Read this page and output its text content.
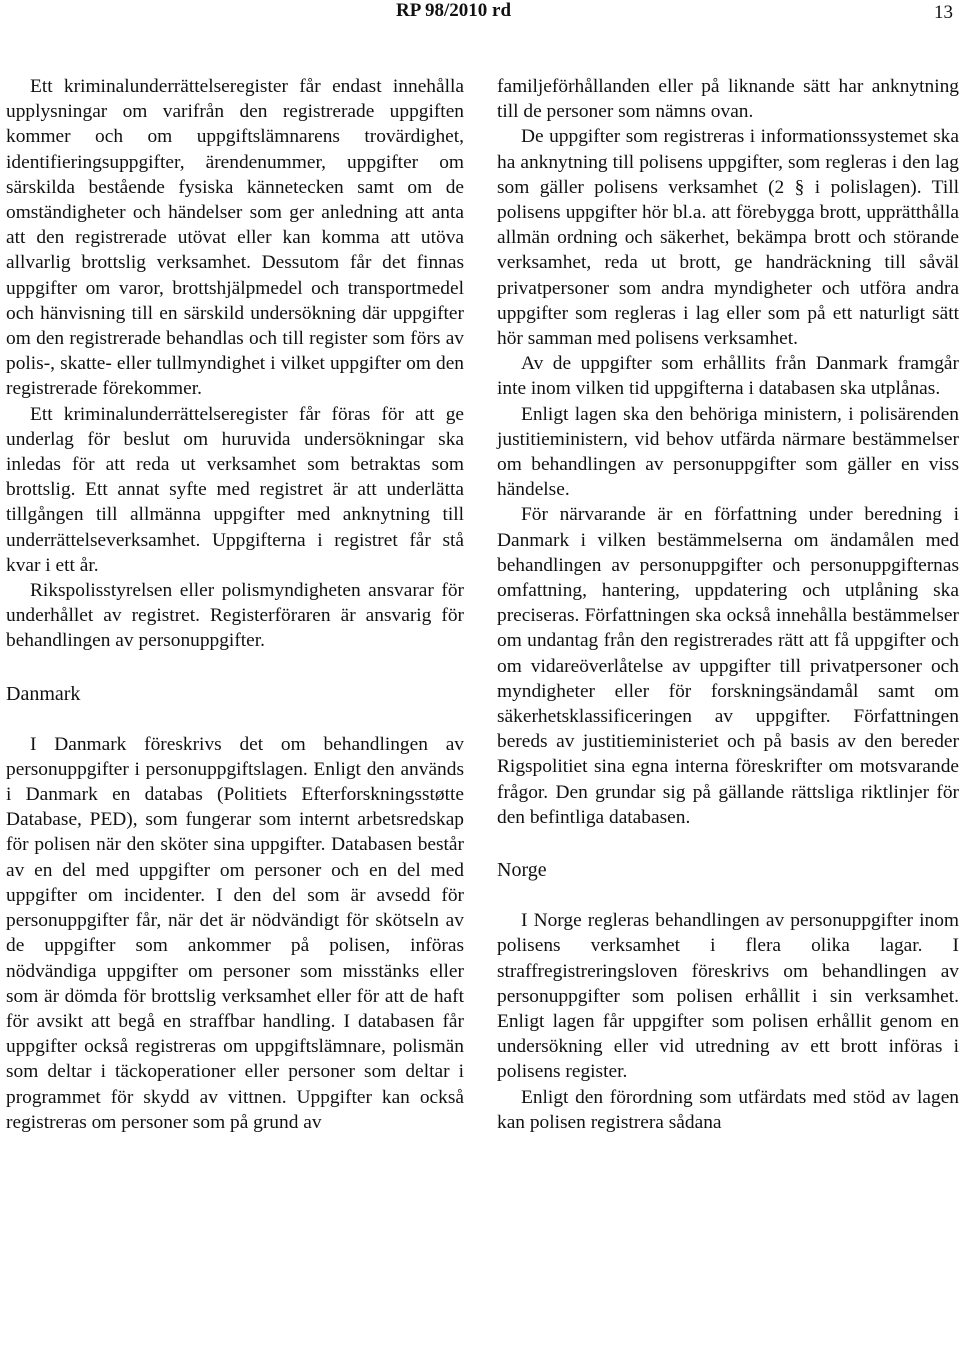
RP 98/2010 rd	13

Ett kriminalunderrättelseregister får endast innehålla upplysningar om varifrån den registrerade uppgiften kommer och om uppgiftslämnarens trovärdighet, identifieringsuppgifter, ärendenummer, uppgifter om särskilda bestående fysiska kännetecken samt om de omständigheter och händelser som ger anledning att anta att den registrerade utövat eller kan komma att utöva allvarlig brottslig verksamhet. Dessutom får det finnas uppgifter om varor, brottshjälpmedel och transportmedel och hänvisning till en särskild undersökning där uppgifter om den registrerade behandlas och till register som förs av polis-, skatte- eller tullmyndighet i vilket uppgifter om den registrerade förekommer.

Ett kriminalunderrättelseregister får föras för att ge underlag för beslut om huruvida undersökningar ska inledas för att reda ut verksamhet som betraktas som brottslig. Ett annat syfte med registret är att underlätta tillgången till allmänna uppgifter med anknytning till underrättelseverksamhet. Uppgifterna i registret får stå kvar i ett år.

Rikspolisstyrelsen eller polismyndigheten ansvarar för underhållet av registret. Registerföraren är ansvarig för behandlingen av personuppgifter.

Danmark

I Danmark föreskrivs det om behandlingen av personuppgifter i personuppgiftslagen. Enligt den används i Danmark en databas (Politiets Efterforskningsstøtte Database, PED), som fungerar som internt arbetsredskap för polisen när den sköter sina uppgifter. Databasen består av en del med uppgifter om personer och en del med uppgifter om incidenter. I den del som är avsedd för personuppgifter får, när det är nödvändigt för skötseln av de uppgifter som ankommer på polisen, införas nödvändiga uppgifter om personer som misstänks eller som är dömda för brottslig verksamhet eller för att de haft för avsikt att begå en straffbar handling. I databasen får uppgifter också registreras om uppgiftslämnare, polismän som deltar i täckoperationer eller personer som deltar i programmet för skydd av vittnen. Uppgifter kan också registreras om personer som på grund av

familjeförhållanden eller på liknande sätt har anknytning till de personer som nämns ovan.

De uppgifter som registreras i informationssystemet ska ha anknytning till polisens uppgifter, som regleras i den lag som gäller polisens verksamhet (2 § i polislagen). Till polisens uppgifter hör bl.a. att förebygga brott, upprätthålla allmän ordning och säkerhet, bekämpa brott och störande verksamhet, reda ut brott, ge handräckning till såväl privatpersoner som andra myndigheter och utföra andra uppgifter som regleras i lag eller som på ett naturligt sätt hör samman med polisens verksamhet.

Av de uppgifter som erhållits från Danmark framgår inte inom vilken tid uppgifterna i databasen ska utplånas.

Enligt lagen ska den behöriga ministern, i polisärenden justitieministern, vid behov utfärda närmare bestämmelser om behandlingen av personuppgifter som gäller en viss händelse.

För närvarande är en författning under beredning i Danmark i vilken bestämmelserna om ändamålen med behandlingen av personuppgifter och personuppgifternas omfattning, hantering, uppdatering och utplåning ska preciseras. Författningen ska också innehålla bestämmelser om undantag från den registrerades rätt att få uppgifter och om vidareöverlåtelse av uppgifter till privatpersoner och myndigheter eller för forskningsändamål samt om säkerhetsklassificeringen av uppgifter. Författningen bereds av justitieministeriet och på basis av den bereder Rigspolitiet sina egna interna föreskrifter om motsvarande frågor. Den grundar sig på gällande rättsliga riktlinjer för den befintliga databasen.

Norge

I Norge regleras behandlingen av personuppgifter inom polisens verksamhet i flera olika lagar. I straffregistreringsloven föreskrivs om behandlingen av personuppgifter som polisen erhållit i sin verksamhet. Enligt lagen får uppgifter som polisen erhållit genom en undersökning eller vid utredning av ett brott införas i polisens register.

Enligt den förordning som utfärdats med stöd av lagen kan polisen registrera sådana
